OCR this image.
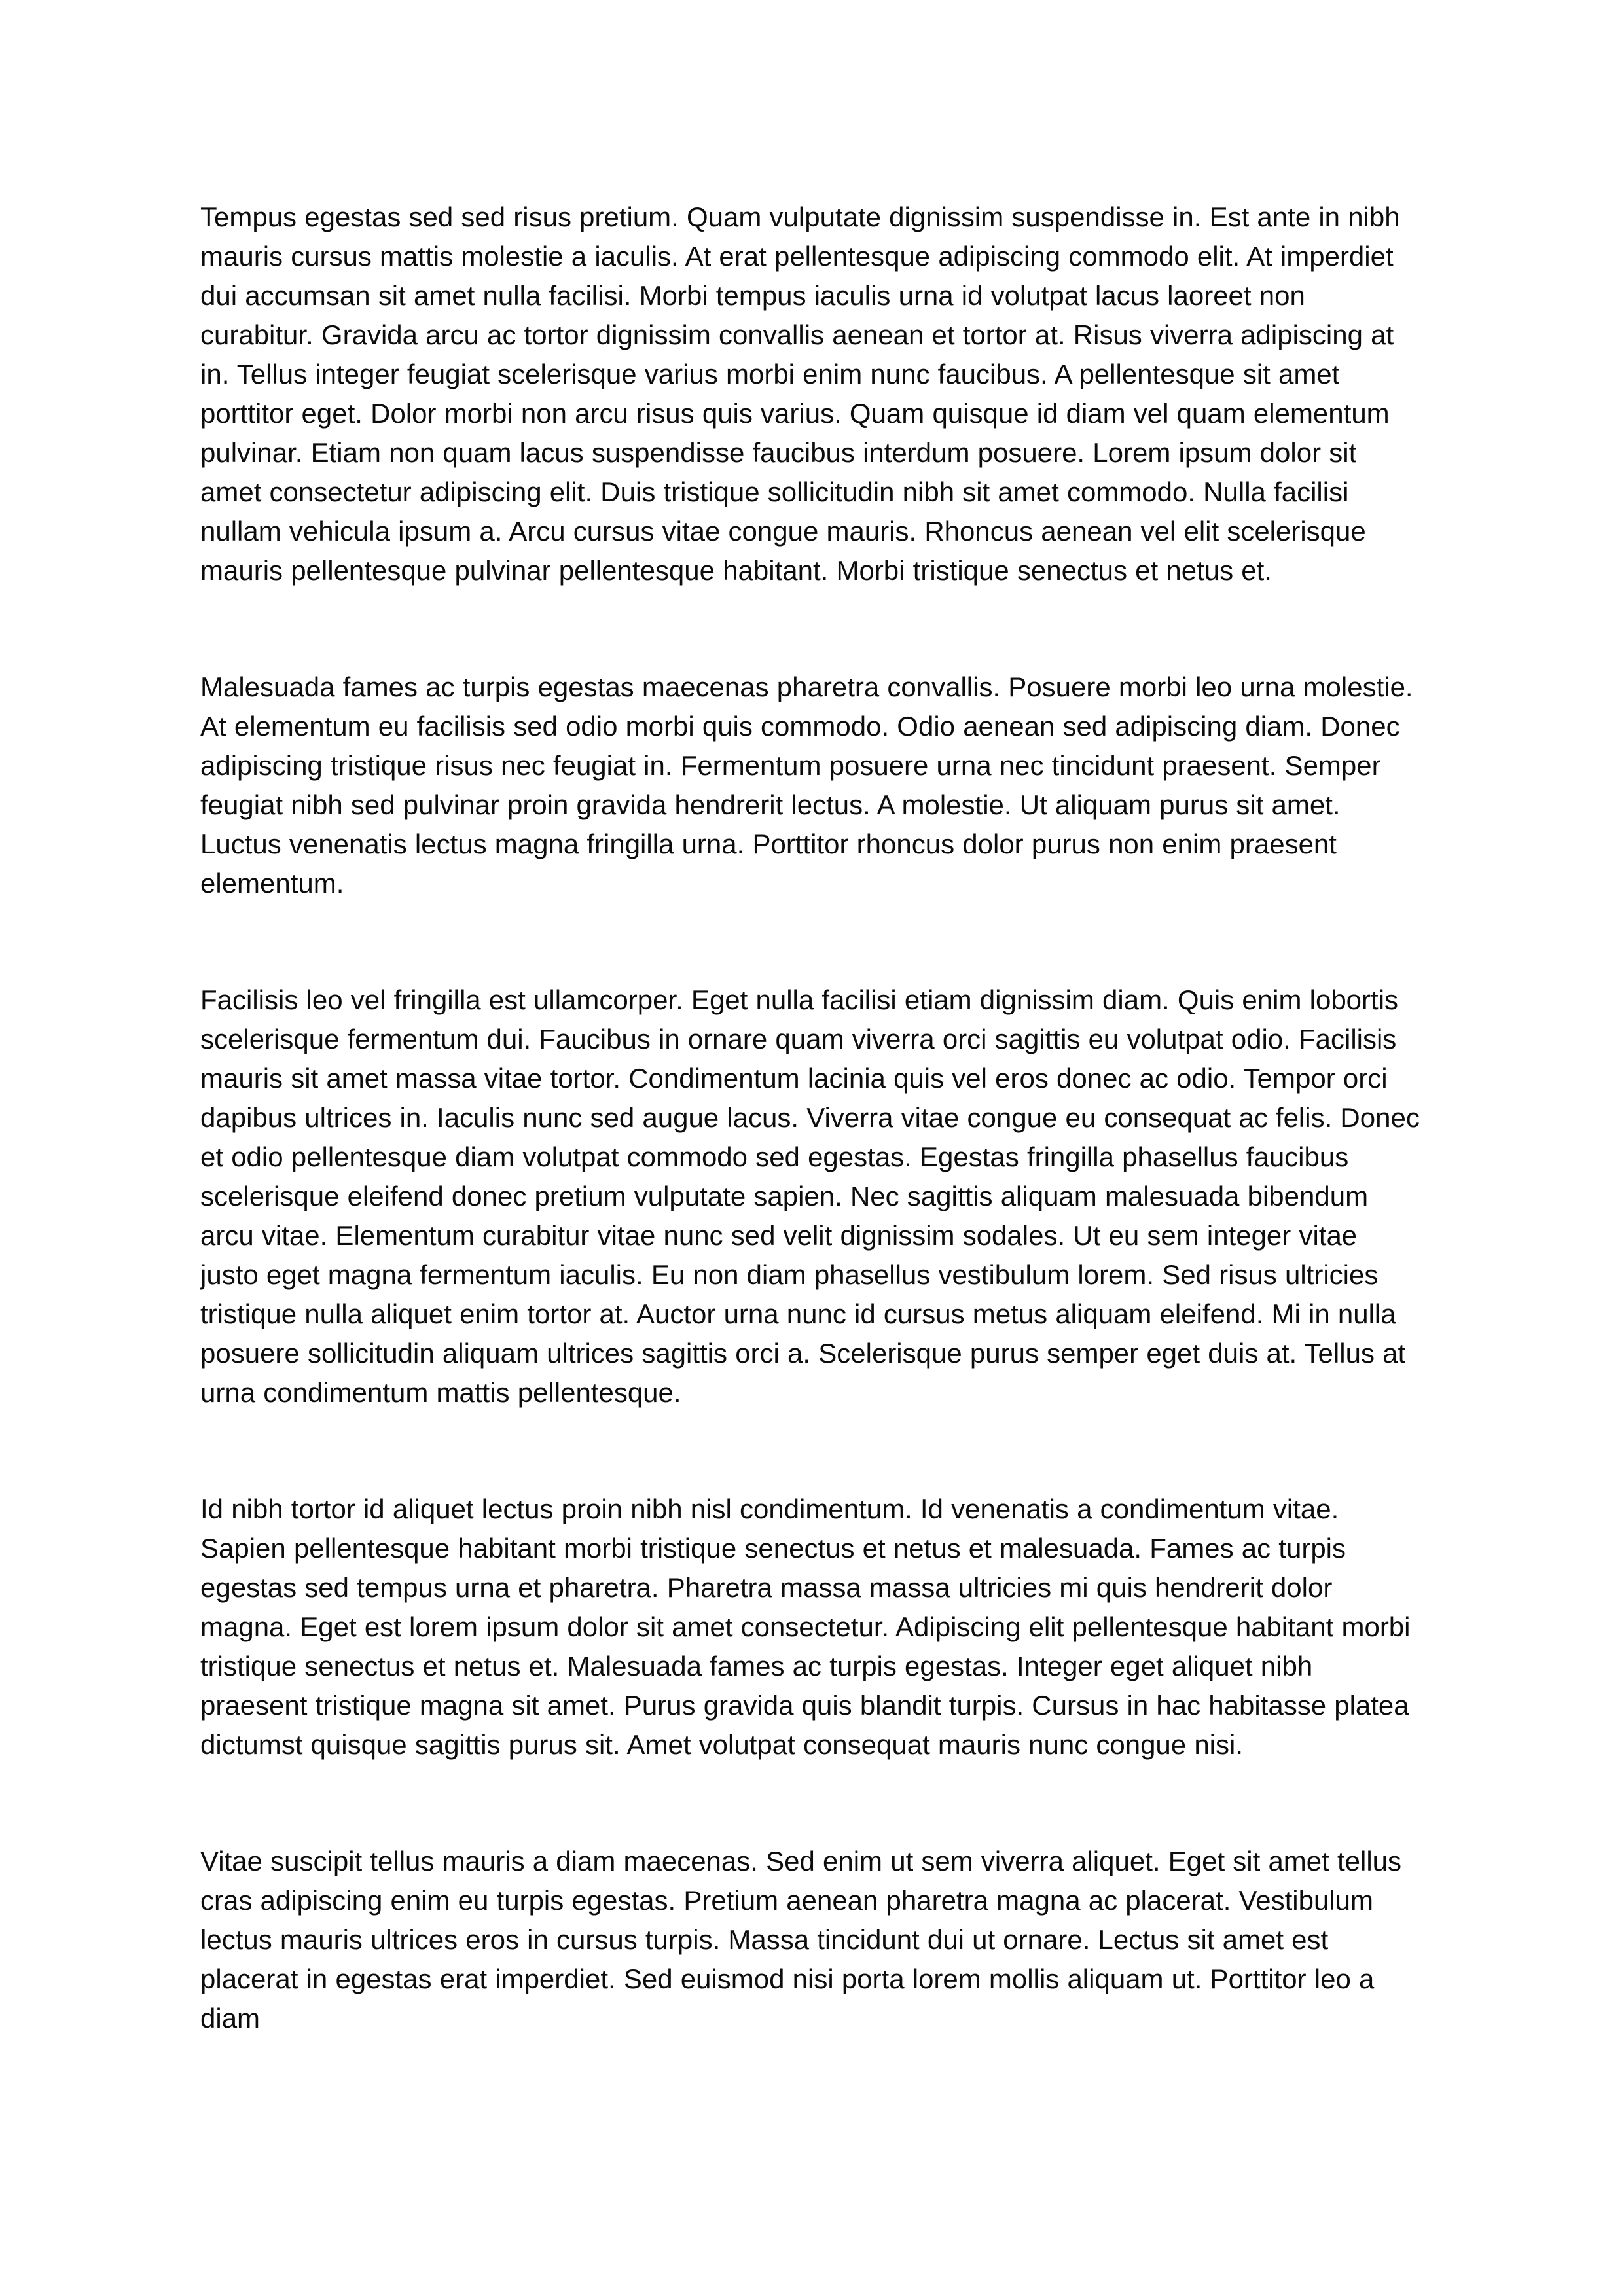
Tempus egestas sed sed risus pretium. Quam vulputate dignissim suspendisse in. Est ante in nibh mauris cursus mattis molestie a iaculis. At erat pellentesque adipiscing commodo elit. At imperdiet dui accumsan sit amet nulla facilisi. Morbi tempus iaculis urna id volutpat lacus laoreet non curabitur. Gravida arcu ac tortor dignissim convallis aenean et tortor at. Risus viverra adipiscing at in. Tellus integer feugiat scelerisque varius morbi enim nunc faucibus. A pellentesque sit amet porttitor eget. Dolor morbi non arcu risus quis varius. Quam quisque id diam vel quam elementum pulvinar. Etiam non quam lacus suspendisse faucibus interdum posuere. Lorem ipsum dolor sit amet consectetur adipiscing elit. Duis tristique sollicitudin nibh sit amet commodo. Nulla facilisi nullam vehicula ipsum a. Arcu cursus vitae congue mauris. Rhoncus aenean vel elit scelerisque mauris pellentesque pulvinar pellentesque habitant. Morbi tristique senectus et netus et.

Malesuada fames ac turpis egestas maecenas pharetra convallis. Posuere morbi leo urna molestie. At elementum eu facilisis sed odio morbi quis commodo. Odio aenean sed adipiscing diam. Donec adipiscing tristique risus nec feugiat in. Fermentum posuere urna nec tincidunt praesent. Semper feugiat nibh sed pulvinar proin gravida hendrerit lectus. A molestie. Ut aliquam purus sit amet. Luctus venenatis lectus magna fringilla urna. Porttitor rhoncus dolor purus non enim praesent elementum.

Facilisis leo vel fringilla est ullamcorper. Eget nulla facilisi etiam dignissim diam. Quis enim lobortis scelerisque fermentum dui. Faucibus in ornare quam viverra orci sagittis eu volutpat odio. Facilisis mauris sit amet massa vitae tortor. Condimentum lacinia quis vel eros donec ac odio. Tempor orci dapibus ultrices in. Iaculis nunc sed augue lacus. Viverra vitae congue eu consequat ac felis. Donec et odio pellentesque diam volutpat commodo sed egestas. Egestas fringilla phasellus faucibus scelerisque eleifend donec pretium vulputate sapien. Nec sagittis aliquam malesuada bibendum arcu vitae. Elementum curabitur vitae nunc sed velit dignissim sodales. Ut eu sem integer vitae justo eget magna fermentum iaculis. Eu non diam phasellus vestibulum lorem. Sed risus ultricies tristique nulla aliquet enim tortor at. Auctor urna nunc id cursus metus aliquam eleifend. Mi in nulla posuere sollicitudin aliquam ultrices sagittis orci a. Scelerisque purus semper eget duis at. Tellus at urna condimentum mattis pellentesque.

Id nibh tortor id aliquet lectus proin nibh nisl condimentum. Id venenatis a condimentum vitae. Sapien pellentesque habitant morbi tristique senectus et netus et malesuada. Fames ac turpis egestas sed tempus urna et pharetra. Pharetra massa massa ultricies mi quis hendrerit dolor magna. Eget est lorem ipsum dolor sit amet consectetur. Adipiscing elit pellentesque habitant morbi tristique senectus et netus et. Malesuada fames ac turpis egestas. Integer eget aliquet nibh praesent tristique magna sit amet. Purus gravida quis blandit turpis. Cursus in hac habitasse platea dictumst quisque sagittis purus sit. Amet volutpat consequat mauris nunc congue nisi.

Vitae suscipit tellus mauris a diam maecenas. Sed enim ut sem viverra aliquet. Eget sit amet tellus cras adipiscing enim eu turpis egestas. Pretium aenean pharetra magna ac placerat. Vestibulum lectus mauris ultrices eros in cursus turpis. Massa tincidunt dui ut ornare. Lectus sit amet est placerat in egestas erat imperdiet. Sed euismod nisi porta lorem mollis aliquam ut. Porttitor leo a diam
